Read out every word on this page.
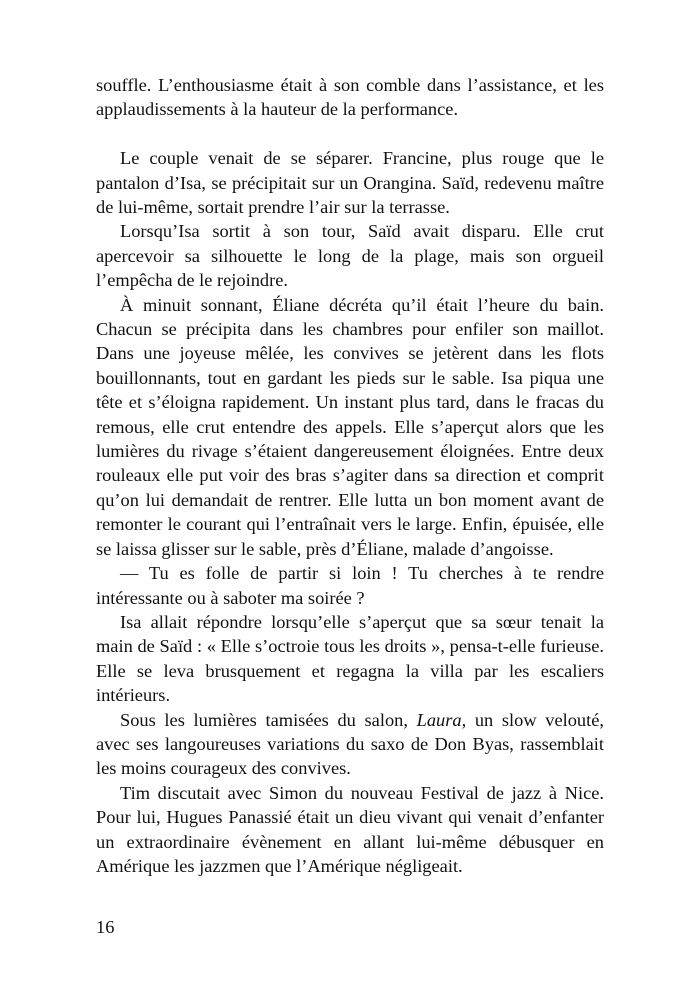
souffle. L’enthousiasme était à son comble dans l’assistance, et les applaudissements à la hauteur de la performance.

Le couple venait de se séparer. Francine, plus rouge que le pantalon d’Isa, se précipitait sur un Orangina. Saïd, redevenu maître de lui-même, sortait prendre l’air sur la terrasse.

Lorsqu’Isa sortit à son tour, Saïd avait disparu. Elle crut apercevoir sa silhouette le long de la plage, mais son orgueil l’empêcha de le rejoindre.

À minuit sonnant, Éliane décréta qu’il était l’heure du bain. Chacun se précipita dans les chambres pour enfiler son maillot. Dans une joyeuse mêlée, les convives se jetèrent dans les flots bouillonnants, tout en gardant les pieds sur le sable. Isa piqua une tête et s’éloigna rapidement. Un instant plus tard, dans le fracas du remous, elle crut entendre des appels. Elle s’aperçut alors que les lumières du rivage s’étaient dangereusement éloignées. Entre deux rouleaux elle put voir des bras s’agiter dans sa direction et comprit qu’on lui demandait de rentrer. Elle lutta un bon moment avant de remonter le courant qui l’entraînait vers le large. Enfin, épuisée, elle se laissa glisser sur le sable, près d’Éliane, malade d’angoisse.

— Tu es folle de partir si loin ! Tu cherches à te rendre intéressante ou à saboter ma soirée ?

Isa allait répondre lorsqu’elle s’aperçut que sa sœur tenait la main de Saïd : « Elle s’octroie tous les droits », pensa-t-elle furieuse. Elle se leva brusquement et regagna la villa par les escaliers intérieurs.

Sous les lumières tamisées du salon, Laura, un slow velouté, avec ses langoureuses variations du saxo de Don Byas, rassemblait les moins courageux des convives.

Tim discutait avec Simon du nouveau Festival de jazz à Nice. Pour lui, Hugues Panassié était un dieu vivant qui venait d’enfanter un extraordinaire évènement en allant lui-même débusquer en Amérique les jazzmen que l’Amérique négligeait.

16
